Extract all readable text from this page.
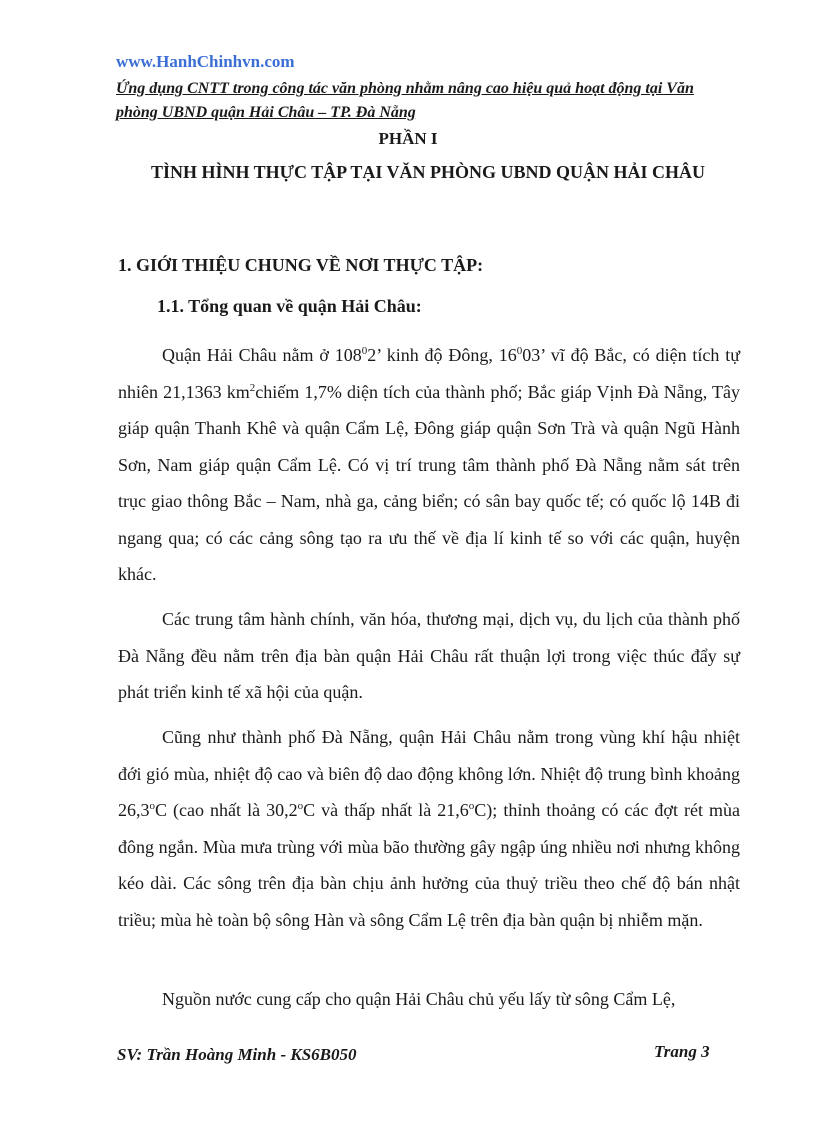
www.HanhChinhvn.com
Ứng dụng CNTT trong công tác văn phòng nhằm nâng cao hiệu quả hoạt động tại Văn phòng UBND quận Hải Châu – TP. Đà Nẵng
PHẦN I
TÌNH HÌNH THỰC TẬP TẠI VĂN PHÒNG UBND QUẬN HẢI CHÂU
1. GIỚI THIỆU CHUNG VỀ NƠI THỰC TẬP:
1.1. Tổng quan về quận Hải Châu:

Quận Hải Châu nằm ở $108^02$’ kinh độ Đông, $16^003$’ vĩ độ Bắc, có diện tích tự nhiên 21,1363 $km^2chiếm$ 1,7% diện tích của thành phố; Bắc giáp Vịnh Đà Nẵng, Tây giáp quận Thanh Khê và quận Cẩm Lệ, Đông giáp quận Sơn Trà và quận Ngũ Hành Sơn, Nam giáp quận Cẩm Lệ. Có vị trí trung tâm thành phố Đà Nẵng nằm sát trên trục giao thông Bắc – Nam, nhà ga, cảng biển; có sân bay quốc tế; có quốc lộ 14B đi ngang qua; có các cảng sông tạo ra ưu thế về địa lí kinh tế so với các quận, huyện khác.

Các trung tâm hành chính, văn hóa, thương mại, dịch vụ, du lịch của thành phố Đà Nẵng đều nằm trên địa bàn quận Hải Châu rất thuận lợi trong việc thúc đẩy sự phát triển kinh tế xã hội của quận.

Cũng như thành phố Đà Nẵng, quận Hải Châu nằm trong vùng khí hậu nhiệt đới gió mùa, nhiệt độ cao và biên độ dao động không lớn. Nhiệt độ trung bình khoảng 26,3$^o$C (cao nhất là 30,2$^o$C và thấp nhất là 21,6$^o$C); thỉnh thoảng có các đợt rét mùa đông ngắn. Mùa mưa trùng với mùa bão thường gây ngập úng nhiều nơi nhưng không kéo dài. Các sông trên địa bàn chịu ảnh hưởng của thuỷ triều theo chế độ bán nhật triều; mùa hè toàn bộ sông Hàn và sông Cẩm Lệ trên địa bàn quận bị nhiễm mặn.

Nguồn nước cung cấp cho quận Hải Châu chủ yếu lấy từ sông Cẩm Lệ,

SV: Trần Hoàng Minh - KS6B050	Trang 3
